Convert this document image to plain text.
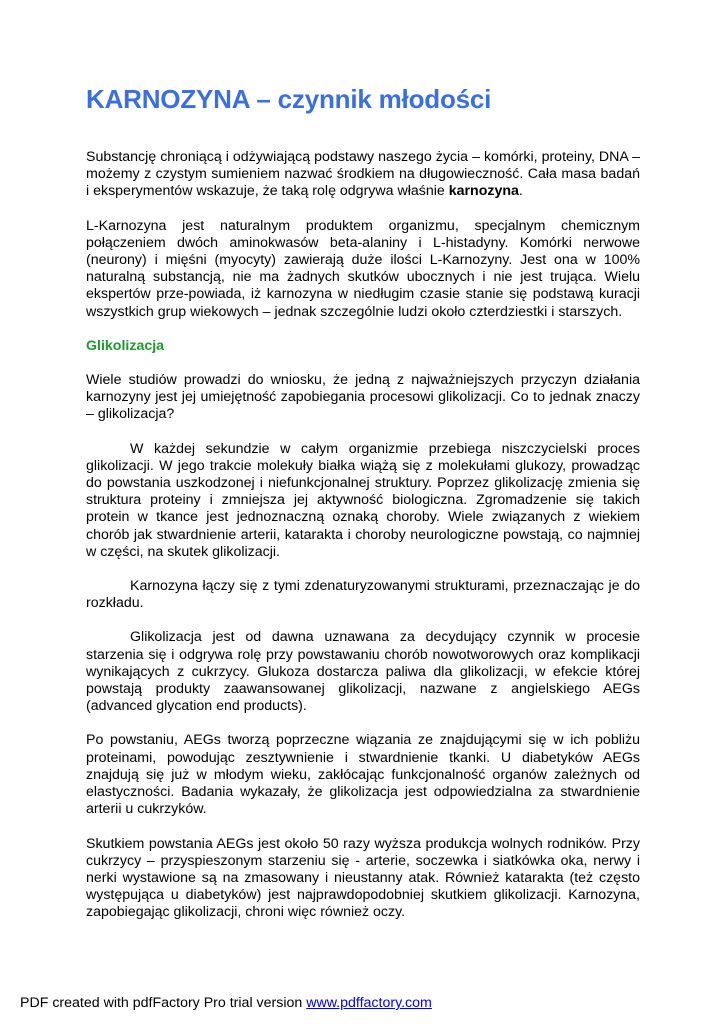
KARNOZYNA – czynnik młodości

Substancję chroniącą i odżywiającą podstawy naszego życia – komórki, proteiny, DNA – możemy z czystym sumieniem nazwać środkiem na długowieczność. Cała masa badań i eksperymentów wskazuje, że taką rolę odgrywa właśnie karnozyna.

L-Karnozyna jest naturalnym produktem organizmu, specjalnym chemicznym połączeniem dwóch aminokwasów beta-alaniny i L-histadyny. Komórki nerwowe (neurony) i mięśni (myocyty) zawierają duże ilości L-Karnozyny. Jest ona w 100% naturalną substancją, nie ma żadnych skutków ubocznych i nie jest trująca. Wielu ekspertów prze-powiada, iż karnozyna w niedługim czasie stanie się podstawą kuracji wszystkich grup wiekowych – jednak szczególnie ludzi około czterdziestki i starszych.

Glikolizacja

Wiele studiów prowadzi do wniosku, że jedną z najważniejszych przyczyn działania karnozyny jest jej umiejętność zapobiegania procesowi glikolizacji. Co to jednak znaczy – glikolizacja?

W każdej sekundzie w całym organizmie przebiega niszczycielski proces glikolizacji. W jego trakcie molekuły białka wiążą się z molekułami glukozy, prowadząc do powstania uszkodzonej i niefunkcjonalnej struktury. Poprzez glikolizację zmienia się struktura proteiny i zmniejsza jej aktywność biologiczna. Zgromadzenie się takich protein w tkance jest jednoznaczną oznaką choroby. Wiele związanych z wiekiem chorób jak stwardnienie arterii, katarakta i choroby neurologiczne powstają, co najmniej w części, na skutek glikolizacji.

Karnozyna łączy się z tymi zdenaturyzowanymi strukturami, przeznaczając je do rozkładu.

Glikolizacja jest od dawna uznawana za decydujący czynnik w procesie starzenia się i odgrywa rolę przy powstawaniu chorób nowotworowych oraz komplikacji wynikających z cukrzycy. Glukoza dostarcza paliwa dla glikolizacji, w efekcie której powstają produkty zaawansowanej glikolizacji, nazwane z angielskiego AEGs (advanced glycation end products).

Po powstaniu, AEGs tworzą poprzeczne wiązania ze znajdującymi się w ich pobliżu proteinami, powodując zesztywnienie i stwardnienie tkanki. U diabetyków AEGs znajdują się już w młodym wieku, zakłócając funkcjonalność organów zależnych od elastyczności. Badania wykazały, że glikolizacja jest odpowiedzialna za stwardnienie arterii u cukrzyków.

Skutkiem powstania AEGs jest około 50 razy wyższa produkcja wolnych rodników. Przy cukrzycy – przyspieszonym starzeniu się - arterie, soczewka i siatkówka oka, nerwy i nerki wystawione są na zmasowany i nieustanny atak. Również katarakta (też często występująca u diabetyków) jest najprawdopodobniej skutkiem glikolizacji. Karnozyna, zapobiegając glikolizacji, chroni więc również oczy.

PDF created with pdfFactory Pro trial version www.pdffactory.com
